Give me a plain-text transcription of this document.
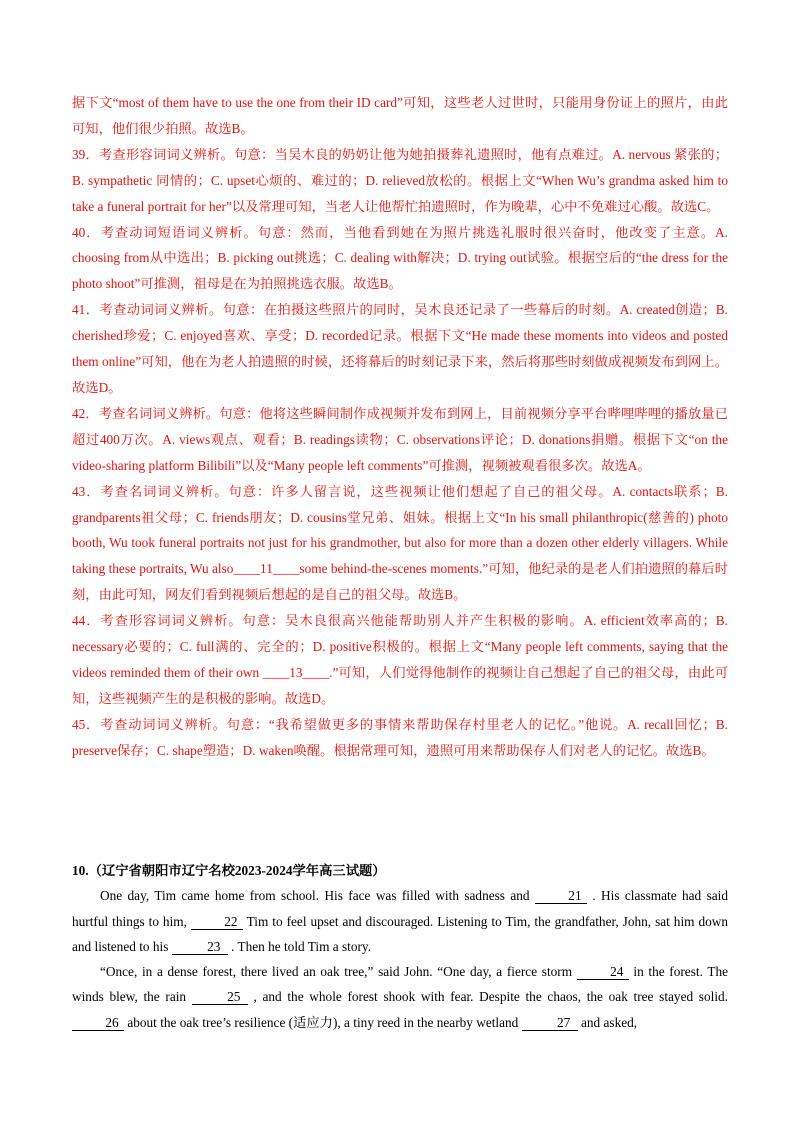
据下文“most of them have to use the one from their ID card”可知，这些老人过世时，只能用身份证上的照片，由此可知，他们很少拍照。故选B。

39．考查形容词词义辨析。句意：当吴木良的奶奶让他为她拍摄葬礼遗照时，他有点难过。A. nervous 紧张的；B. sympathetic 同情的；C. upset心烦的、难过的；D. relieved放松的。根据上文“When Wu’s grandma asked him to take a funeral portrait for her”以及常理可知，当老人让他帮忙拍遗照时，作为晚辈，心中不免难过心酸。故选C。

40．考查动词短语词义辨析。句意：然而，当他看到她在为照片挑选礼服时很兴奋时，他改变了主意。A. choosing from从中选出；B. picking out挑选；C. dealing with解决；D. trying out试验。根据空后的“the dress for the photo shoot”可推测，祖母是在为拍照挑选衣服。故选B。

41．考查动词词义辨析。句意：在拍摄这些照片的同时，吴木良还记录了一些幕后的时刻。A. created创造；B. cherished珍爱；C. enjoyed喜欢、享受；D. recorded记录。根据下文“He made these moments into videos and posted them online”可知，他在为老人拍遗照的时候，还将幕后的时刻记录下来，然后将那些时刻做成视频发布到网上。故选D。

42．考查名词词义辨析。句意：他将这些瞬间制作成视频并发布到网上，目前视频分享平台哔哩哔哩的播放量已超过400万次。A. views观点、观看；B. readings读物；C. observations评论；D. donations捐赠。根据下文“on the video-sharing platform Bilibili”以及“Many people left comments”可推测，视频被观看很多次。故选A。

43．考查名词词义辨析。句意：许多人留言说，这些视频让他们想起了自己的祖父母。A. contacts联系；B. grandparents祖父母；C. friends朋友；D. cousins堂兄弟、姐妹。根据上文“In his small philanthropic(慈善的) photo booth, Wu took funeral portraits not just for his grandmother, but also for more than a dozen other elderly villagers. While taking these portraits, Wu also____11____some behind-the-scenes moments.”可知，他纪录的是老人们拍遗照的幕后时刻，由此可知，网友们看到视频后想起的是自己的祖父母。故选B。

44．考查形容词词义辨析。句意：吴木良很高兴他能帮助别人并产生积极的影响。A. efficient效率高的；B. necessary必要的；C. full满的、完全的；D. positive积极的。根据上文“Many people left comments, saying that the videos reminded them of their own ____13____.”可知，人们觉得他制作的视频让自己想起了自己的祖父母，由此可知，这些视频产生的是积极的影响。故选D。

45．考查动词词义辨析。句意：“我希望做更多的事情来帮助保存村里老人的记忆。”他说。A. recall回忆；B. preserve保存；C. shape塑造；D. waken唤醒。根据常理可知，遗照可用来帮助保存人们对老人的记忆。故选B。

10.（辽宁省朝阳市辽宁名校2023-2024学年高三试题）

One day, Tim came home from school. His face was filled with sadness and	21 . His classmate had said hurtful things to him,	22 Tim to feel upset and discouraged. Listening to Tim, the grandfather, John, sat him down and listened to his	23 . Then he told Tim a story.

“Once, in a dense forest, there lived an oak tree,” said John. “One day, a fierce storm	24 in the forest. The winds blew, the rain	25 , and the whole forest shook with fear. Despite the chaos, the oak tree stayed solid. 26 about the oak tree’s resilience (适应力), a tiny reed in the nearby wetland	27 and asked,
